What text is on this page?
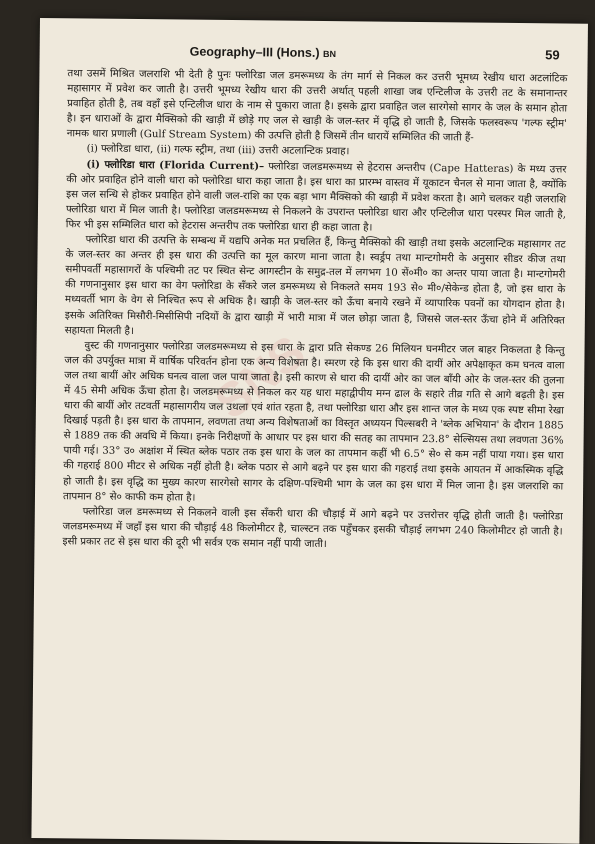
Geography–III (Hons.) BN	59
SNS

तथा उसमें मिश्रित जलराशि भी देती है पुनः फ्लोरिडा जल डमरूमध्य के तंग मार्ग से निकल कर उत्तरी भूमध्य रेखीय धारा अटलांटिक महासागर में प्रवेश कर जाती है। उत्तरी भूमध्य रेखीय धारा की उत्तरी अर्थात् पहली शाखा जब एन्टिलीज के उत्तरी तट के समानान्तर प्रवाहित होती है, तब वहाँ इसे एन्टिलीज धारा के नाम से पुकारा जाता है। इसके द्वारा प्रवाहित जल सारगेसो सागर के जल के समान होता है। इन धाराओं के द्वारा मैक्सिको की खाड़ी में छोड़े गए जल से खाड़ी के जल-स्तर में वृद्धि हो जाती है, जिसके फलस्वरूप 'गल्फ स्ट्रीम' नामक धारा प्रणाली (Gulf Stream System) की उत्पत्ति होती है जिसमें तीन धारायें सम्मिलित की जाती हैं-

(i) फ्लोरिडा धारा, (ii) गल्फ स्ट्रीम, तथा (iii) उत्तरी अटलान्टिक प्रवाह।

(i) फ्लोरिडा धारा (Florida Current)– फ्लोरिडा जलडमरूमध्य से हेटरास अन्तरीप (Cape Hatteras) के मध्य उत्तर की ओर प्रवाहित होने वाली धारा को फ्लोरिडा धारा कहा जाता है। इस धारा का प्रारम्भ वास्तव में यूकाटन चैनल से माना जाता है, क्योंकि इस जल सन्धि से होकर प्रवाहित होने वाली जल-राशि का एक बड़ा भाग मैक्सिको की खाड़ी में प्रवेश करता है। आगे चलकर यही जलराशि फ्लोरिडा धारा में मिल जाती है। फ्लोरिडा जलडमरूमध्य से निकलने के उपरान्त फ्लोरिडा धारा और एन्टिलीज धारा परस्पर मिल जाती है, फिर भी इस सम्मिलित धारा को हेटरास अन्तरीप तक फ्लोरिडा धारा ही कहा जाता है।

फ्लोरिडा धारा की उत्पत्ति के सम्बन्ध में यद्यपि अनेक मत प्रचलित हैं, किन्तु मैक्सिको की खाड़ी तथा इसके अटलान्टिक महासागर तट के जल-स्तर का अन्तर ही इस धारा की उत्पत्ति का मूल कारण माना जाता है। स्वर्ड्रप तथा मान्टगोमरी के अनुसार सीडर कीज तथा समीपवर्ती महासागरों के पश्चिमी तट पर स्थित सेन्ट आगस्टीन के समुद्र-तल में लगभग 10 सें०मी० का अन्तर पाया जाता है। मान्टगोमरी की गणनानुसार इस धारा का वेग फ्लोरिडा के सँकरे जल डमरूमध्य से निकलते समय 193 से० मी०/सेकेन्ड होता है, जो इस धारा के मध्यवर्ती भाग के वेग से निश्चित रूप से अधिक है। खाड़ी के जल-स्तर को ऊँचा बनाये रखने में व्यापारिक पवनों का योगदान होता है। इसके अतिरिक्त मिसौरी-मिसीसिपी नदियों के द्वारा खाड़ी में भारी मात्रा में जल छोड़ा जाता है, जिससे जल-स्तर ऊँचा होने में अतिरिक्त सहायता मिलती है।

वुस्ट की गणनानुसार फ्लोरिडा जलडमरूमध्य से इस धारा के द्वारा प्रति सेकण्ड 26 मिलियन घनमीटर जल बाहर निकलता है किन्तु जल की उपर्युक्त मात्रा में वार्षिक परिवर्तन होना एक अन्य विशेषता है। स्मरण रहे कि इस धारा की दायीं ओर अपेक्षाकृत कम घनत्व वाला जल तथा बायीं ओर अधिक घनत्व वाला जल पाया जाता है। इसी कारण से धारा की दायीं ओर का जल बाँयी ओर के जल-स्तर की तुलना में 45 सेमी अधिक ऊँचा होता है। जलडमरूमध्य से निकल कर यह धारा महाद्वीपीय मग्न ढाल के सहारे तीव्र गति से आगे बढ़ती है। इस धारा की बायीं ओर तटवर्ती महासागरीय जल उथला एवं शांत रहता है, तथा फ्लोरिडा धारा और इस शान्त जल के मध्य एक स्पष्ट सीमा रेखा दिखाई पड़ती है। इस धारा के तापमान, लवणता तथा अन्य विशेषताओं का विस्तृत अध्ययन पिल्सबरी ने 'ब्लेक अभियान' के दौरान 1885 से 1889 तक की अवधि में किया। इनके निरीक्षणों के आधार पर इस धारा की सतह का तापमान 23.8° सेल्सियस तथा लवणता 36% पायी गई। 33° उ० अक्षांश में स्थित ब्लेक पठार तक इस धारा के जल का तापमान कहीं भी 6.5° से० से कम नहीं पाया गया। इस धारा की गहराई 800 मीटर से अधिक नहीं होती है। ब्लेक पठार से आगे बढ़ने पर इस धारा की गहराई तथा इसके आयतन में आकस्मिक वृद्धि हो जाती है। इस वृद्धि का मुख्य कारण सारगेसो सागर के दक्षिण-पश्चिमी भाग के जल का इस धारा में मिल जाना है। इस जलराशि का तापमान 8° से० काफी कम होता है।

फ्लोरिडा जल डमरूमध्य से निकलने वाली इस सँकरी धारा की चौड़ाई में आगे बढ़ने पर उत्तरोत्तर वृद्धि होती जाती है। फ्लोरिडा जलडमरूमध्य में जहाँ इस धारा की चौड़ाई 48 किलोमीटर है, चाल्स्टन तक पहुँचकर इसकी चौड़ाई लगभग 240 किलोमीटर हो जाती है। इसी प्रकार तट से इस धारा की दूरी भी सर्वत्र एक समान नहीं पायी जाती।
